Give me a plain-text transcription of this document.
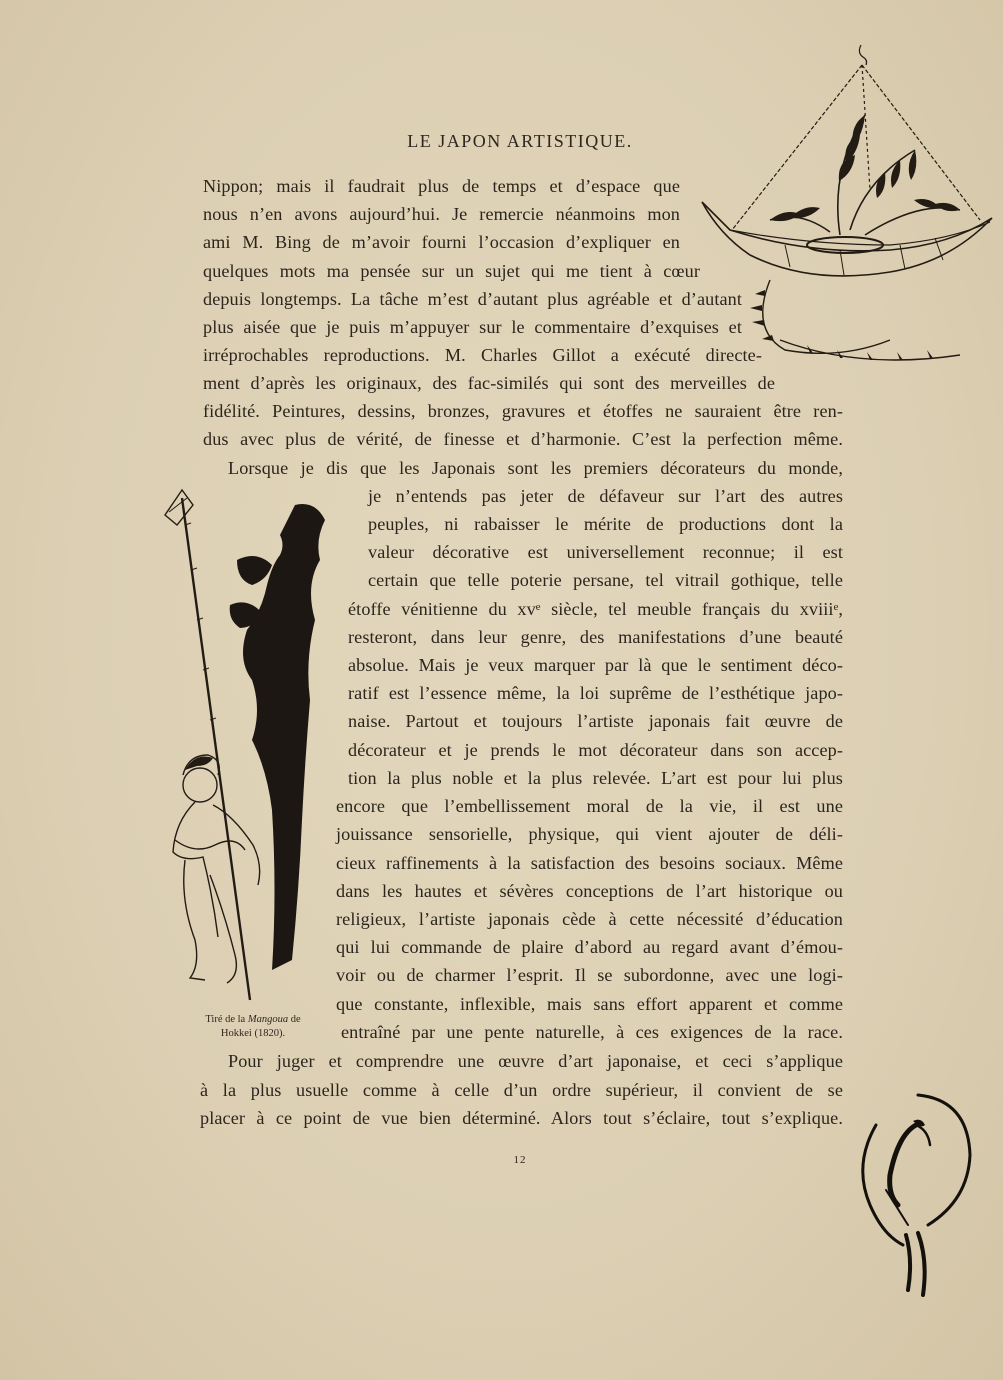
LE JAPON ARTISTIQUE.
Nippon; mais il faudrait plus de temps et d’espace que
nous n’en avons aujourd’hui. Je remercie néanmoins mon
ami M. Bing de m’avoir fourni l’occasion d’expliquer en
quelques mots ma pensée sur un sujet qui me tient à cœur
depuis longtemps. La tâche m’est d’autant plus agréable et d’autant
plus aisée que je puis m’appuyer sur le commentaire d’exquises et
irréprochables reproductions. M. Charles Gillot a exécuté directe-
ment d’après les originaux, des fac-similés qui sont des merveilles de
fidélité. Peintures, dessins, bronzes, gravures et étoffes ne sauraient être ren-
dus avec plus de vérité, de finesse et d’harmonie. C’est la perfection même.
Lorsque je dis que les Japonais sont les premiers décorateurs du monde,
je n’entends pas jeter de défaveur sur l’art des autres
peuples, ni rabaisser le mérite de productions dont la
valeur décorative est universellement reconnue; il est
certain que telle poterie persane, tel vitrail gothique, telle
étoffe vénitienne du xvᵉ siècle, tel meuble français du xviiiᵉ,
resteront, dans leur genre, des manifestations d’une beauté
absolue. Mais je veux marquer par là que le sentiment déco-
ratif est l’essence même, la loi suprême de l’esthétique japo-
naise. Partout et toujours l’artiste japonais fait œuvre de
décorateur et je prends le mot décorateur dans son accep-
tion la plus noble et la plus relevée. L’art est pour lui plus
encore que l’embellissement moral de la vie, il est une
jouissance sensorielle, physique, qui vient ajouter de déli-
cieux raffinements à la satisfaction des besoins sociaux. Même
dans les hautes et sévères conceptions de l’art historique ou
religieux, l’artiste japonais cède à cette nécessité d’éducation
qui lui commande de plaire d’abord au regard avant d’émou-
voir ou de charmer l’esprit. Il se subordonne, avec une logi-
que constante, inflexible, mais sans effort apparent et comme
entraîné par une pente naturelle, à ces exigences de la race.
Pour juger et comprendre une œuvre d’art japonaise, et ceci s’applique
à la plus usuelle comme à celle d’un ordre supérieur, il convient de se
placer à ce point de vue bien déterminé. Alors tout s’éclaire, tout s’explique.
Tiré de la Mangoua de
Hokkei (1820).
12
